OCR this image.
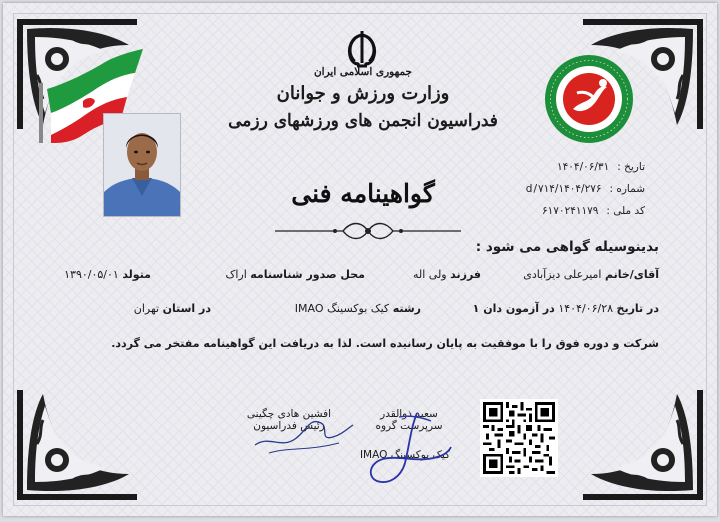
جمهوری اسلامی ایران
وزارت ورزش و جوانان
فدراسیون انجمن های ورزشهای رزمی
گواهینامه فنی
تاریخ :
۱۴۰۴/۰۶/۳۱
شماره :
۱۴۰۴/۲۷۶/d/۷۱۴
کد ملی :
۶۱۷۰۲۴۱۱۷۹
بدینوسیله گواهی می شود :
آقای/خانم امیرعلی دیزآبادی
فرزند ولی اله
محل صدور شناسنامه اراک
متولد ۱۳۹۰/۰۵/۰۱
در تاریخ ۱۴۰۴/۰۶/۲۸ در آزمون دان ۱
رشته کیک بوکسینگ IMAO
در استان تهران
شرکت و دوره فوق را با موفقیت به پایان رسانیده است. لذا به دریافت این گواهینامه مفتخر می گردد.
افشین هادی چگینی
رئیس فدراسیون
سعید ذوالقدر
سرپرست گروه
کیک بوکسینگ IMAO
